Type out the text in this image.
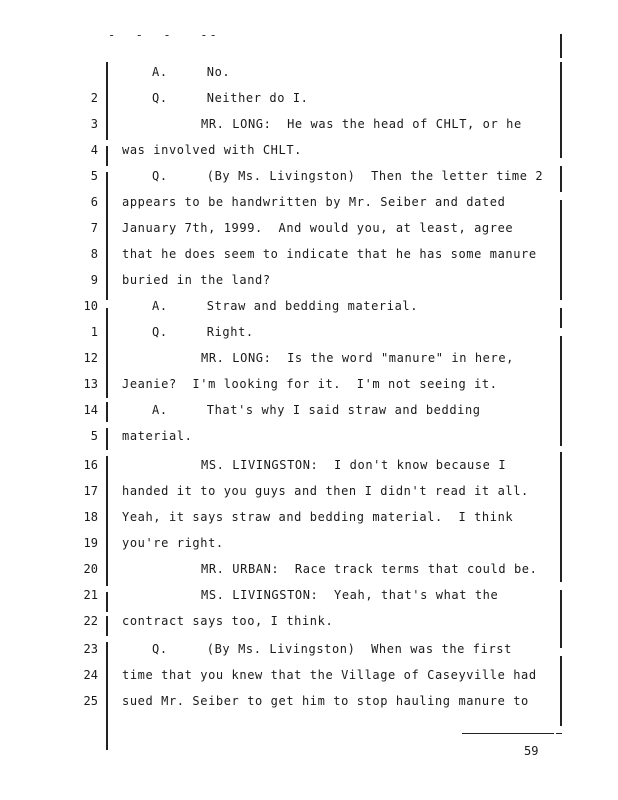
-  -  -   --
A.     No.
2	Q.     Neither do I.
3	MR. LONG:  He was the head of CHLT, or he
4 was involved with CHLT.
5	Q.     (By Ms. Livingston)  Then the letter time 2
6 appears to be handwritten by Mr. Seiber and dated
7 January 7th, 1999.  And would you, at least, agree
8 that he does seem to indicate that he has some manure
9 buried in the land?
10	A.     Straw and bedding material.
1	Q.     Right.
12	MR. LONG:  Is the word "manure" in here,
13 Jeanie?  I'm looking for it.  I'm not seeing it.
14	A.     That's why I said straw and bedding
5 material.
16	MS. LIVINGSTON:  I don't know because I
17 handed it to you guys and then I didn't read it all.
18 Yeah, it says straw and bedding material.  I think
19 you're right.
20	MR. URBAN:  Race track terms that could be.
21	MS. LIVINGSTON:  Yeah, that's what the
22 contract says too, I think.
23	Q.     (By Ms. Livingston)  When was the first
24 time that you knew that the Village of Caseyville had
25 sued Mr. Seiber to get him to stop hauling manure to
59
